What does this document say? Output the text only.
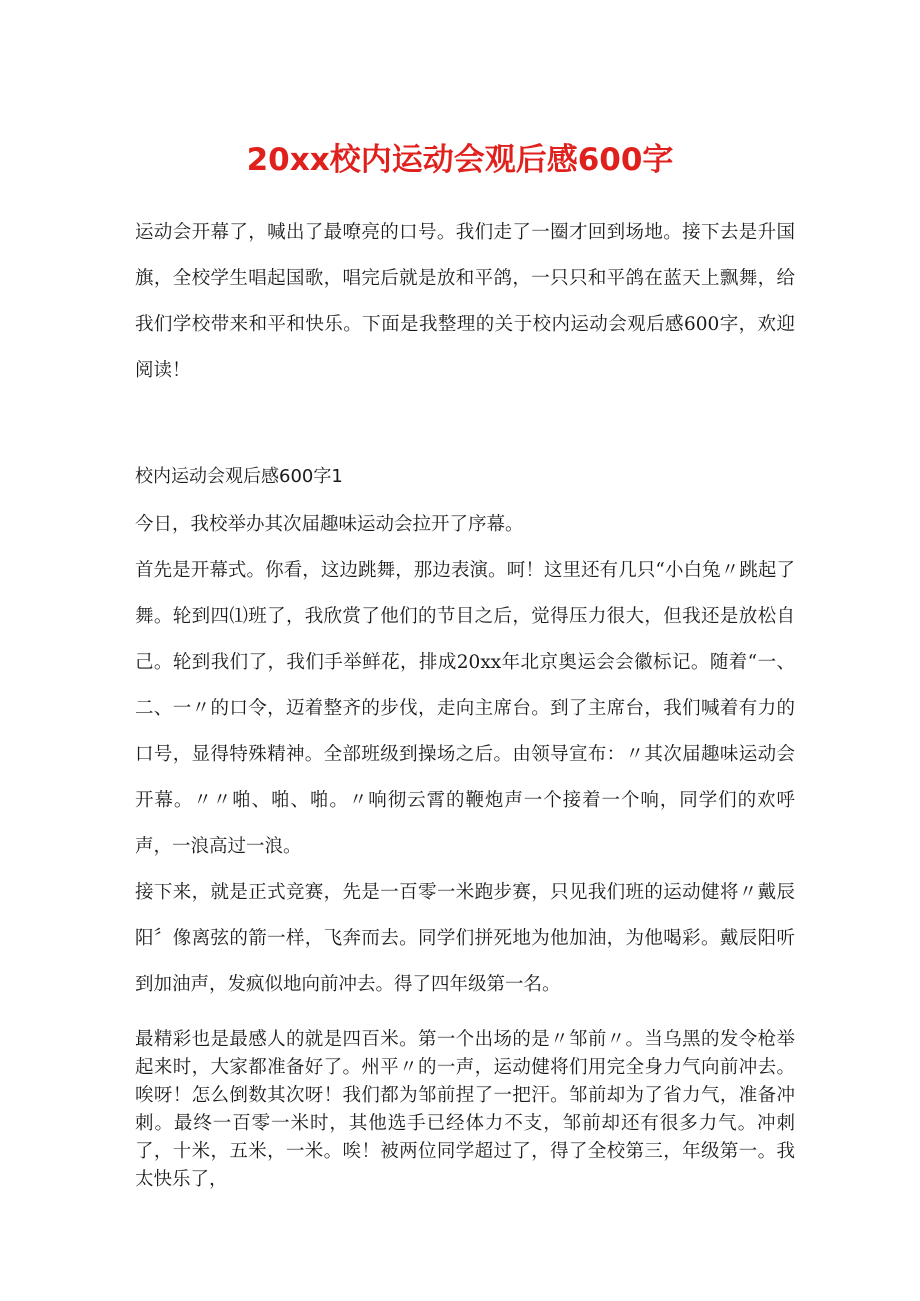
20xx校内运动会观后感600字

运动会开幕了，喊出了最嘹亮的口号。我们走了一圈才回到场地。接下去是升国旗，全校学生唱起国歌，唱完后就是放和平鸽，一只只和平鸽在蓝天上飘舞，给我们学校带来和平和快乐。下面是我整理的关于校内运动会观后感600字，欢迎阅读！

校内运动会观后感600字1

今日，我校举办其次届趣味运动会拉开了序幕。

首先是开幕式。你看，这边跳舞，那边表演。呵！这里还有几只“小白兔〃跳起了舞。轮到四⑴班了，我欣赏了他们的节目之后，觉得压力很大，但我还是放松自己。轮到我们了，我们手举鲜花，排成20xx年北京奥运会会徽标记。随着“一、二、一〃的口令，迈着整齐的步伐，走向主席台。到了主席台，我们喊着有力的口号，显得特殊精神。全部班级到操场之后。由领导宣布：〃其次届趣味运动会开幕。〃〃啪、啪、啪。〃响彻云霄的鞭炮声一个接着一个响，同学们的欢呼声，一浪高过一浪。

接下来，就是正式竞赛，先是一百零一米跑步赛，只见我们班的运动健将〃戴辰阳〞像离弦的箭一样，飞奔而去。同学们拼死地为他加油，为他喝彩。戴辰阳听到加油声，发疯似地向前冲去。得了四年级第一名。

最精彩也是最感人的就是四百米。第一个出场的是〃邹前〃。当乌黑的发令枪举起来时，大家都准备好了。州平〃的一声，运动健将们用完全身力气向前冲去。唉呀！怎么倒数其次呀！我们都为邹前捏了一把汗。邹前却为了省力气，准备冲刺。最终一百零一米时，其他选手已经体力不支，邹前却还有很多力气。冲刺了，十米，五米，一米。唉！被两位同学超过了，得了全校第三，年级第一。我太快乐了，
